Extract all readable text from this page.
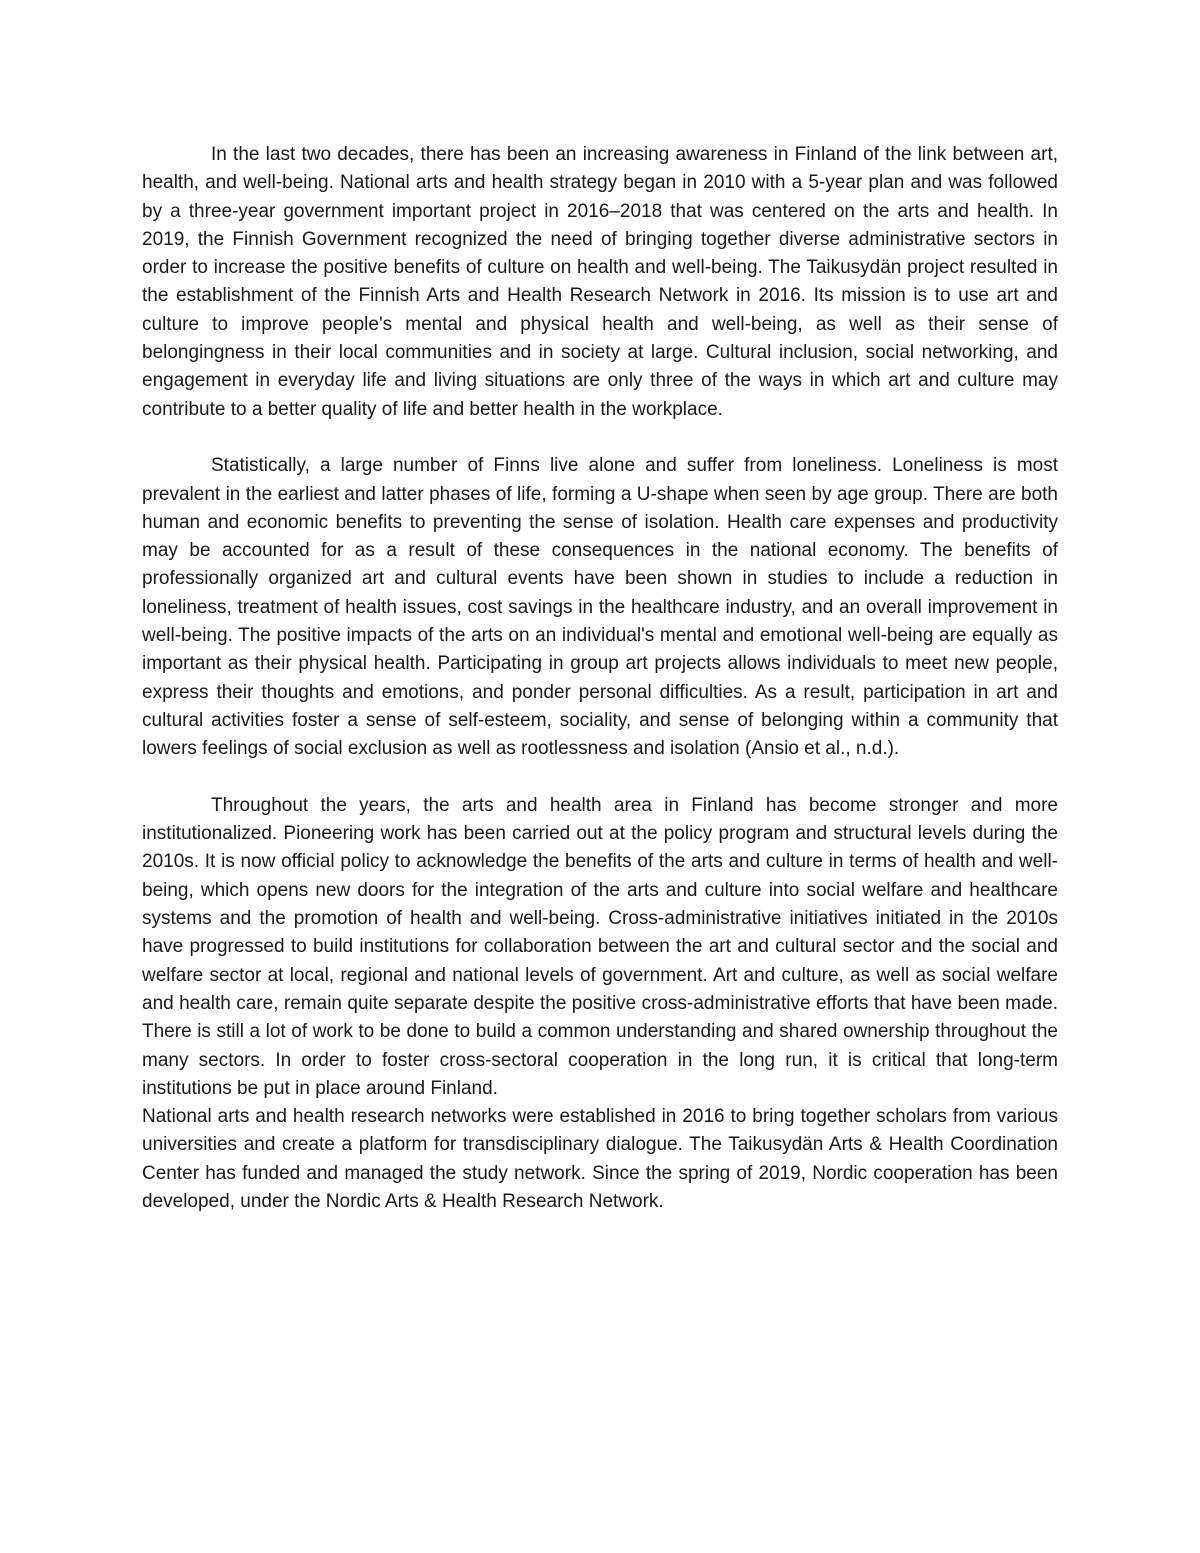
In the last two decades, there has been an increasing awareness in Finland of the link between art, health, and well-being. National arts and health strategy began in 2010 with a 5-year plan and was followed by a three-year government important project in 2016–2018 that was centered on the arts and health. In 2019, the Finnish Government recognized the need of bringing together diverse administrative sectors in order to increase the positive benefits of culture on health and well-being. The Taikusydän project resulted in the establishment of the Finnish Arts and Health Research Network in 2016. Its mission is to use art and culture to improve people's mental and physical health and well-being, as well as their sense of belongingness in their local communities and in society at large. Cultural inclusion, social networking, and engagement in everyday life and living situations are only three of the ways in which art and culture may contribute to a better quality of life and better health in the workplace.

Statistically, a large number of Finns live alone and suffer from loneliness. Loneliness is most prevalent in the earliest and latter phases of life, forming a U-shape when seen by age group. There are both human and economic benefits to preventing the sense of isolation. Health care expenses and productivity may be accounted for as a result of these consequences in the national economy. The benefits of professionally organized art and cultural events have been shown in studies to include a reduction in loneliness, treatment of health issues, cost savings in the healthcare industry, and an overall improvement in well-being. The positive impacts of the arts on an individual's mental and emotional well-being are equally as important as their physical health. Participating in group art projects allows individuals to meet new people, express their thoughts and emotions, and ponder personal difficulties. As a result, participation in art and cultural activities foster a sense of self-esteem, sociality, and sense of belonging within a community that lowers feelings of social exclusion as well as rootlessness and isolation (Ansio et al., n.d.).

Throughout the years, the arts and health area in Finland has become stronger and more institutionalized. Pioneering work has been carried out at the policy program and structural levels during the 2010s. It is now official policy to acknowledge the benefits of the arts and culture in terms of health and well-being, which opens new doors for the integration of the arts and culture into social welfare and healthcare systems and the promotion of health and well-being. Cross-administrative initiatives initiated in the 2010s have progressed to build institutions for collaboration between the art and cultural sector and the social and welfare sector at local, regional and national levels of government. Art and culture, as well as social welfare and health care, remain quite separate despite the positive cross-administrative efforts that have been made. There is still a lot of work to be done to build a common understanding and shared ownership throughout the many sectors. In order to foster cross-sectoral cooperation in the long run, it is critical that long-term institutions be put in place around Finland.

National arts and health research networks were established in 2016 to bring together scholars from various universities and create a platform for transdisciplinary dialogue. The Taikusydän Arts & Health Coordination Center has funded and managed the study network. Since the spring of 2019, Nordic cooperation has been developed, under the Nordic Arts & Health Research Network.
